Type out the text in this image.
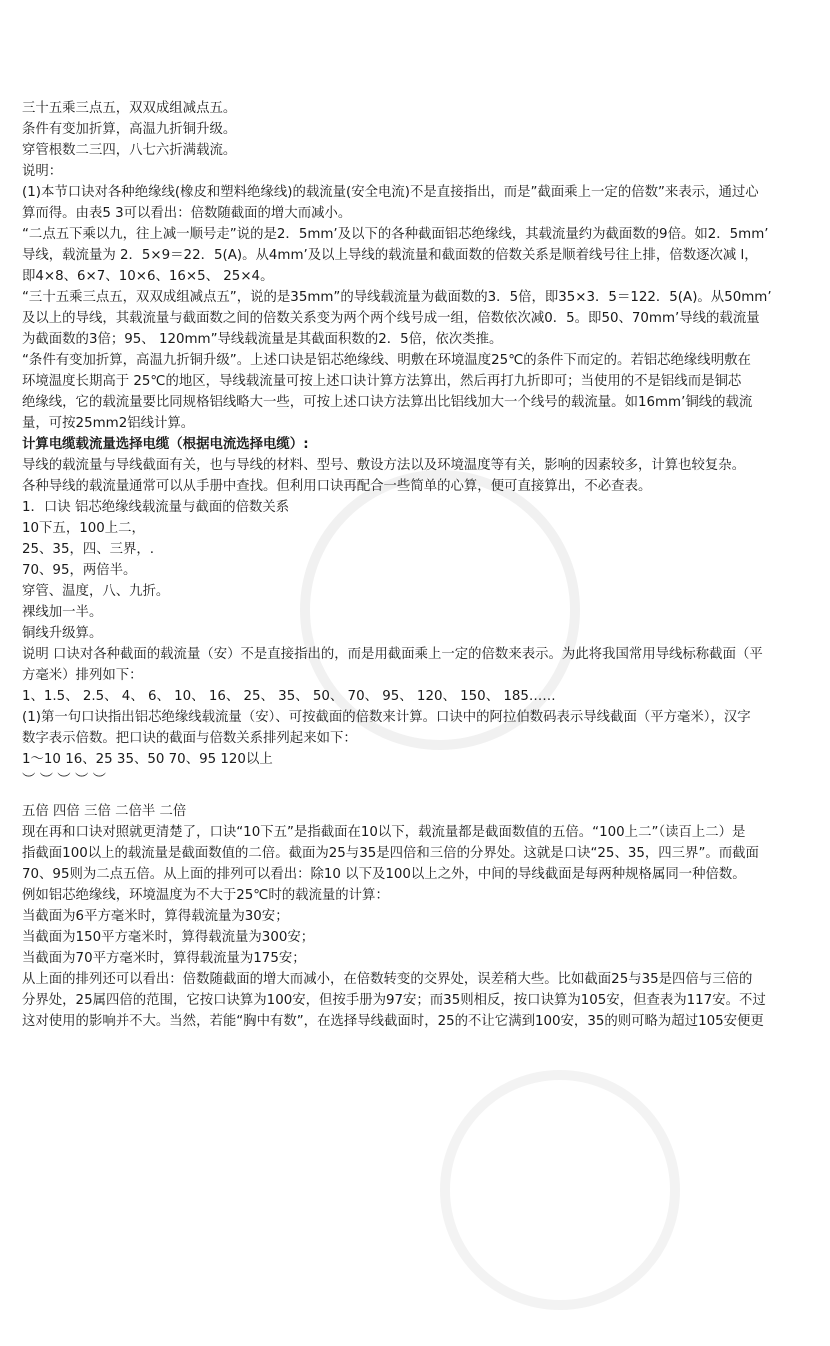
三十五乘三点五，双双成组减点五。
条件有变加折算，高温九折铜升级。
穿管根数二三四，八七六折满载流。
说明：
(1)本节口诀对各种绝缘线(橡皮和塑料绝缘线)的载流量(安全电流)不是直接指出，而是”截面乘上一定的倍数”来表示，通过心
算而得。由表5 3可以看出：倍数随截面的增大而减小。
“二点五下乘以九，往上减一顺号走”说的是2．5mm’及以下的各种截面铝芯绝缘线，其载流量约为截面数的9倍。如2．5mm’
导线，载流量为 2．5×9＝22．5(A)。从4mm’及以上导线的载流量和截面数的倍数关系是顺着线号往上排，倍数逐次减 l，
即4×8、6×7、10×6、16×5、 25×4。
“三十五乘三点五，双双成组减点五”，说的是35mm”的导线载流量为截面数的3．5倍，即35×3．5＝122．5(A)。从50mm’
及以上的导线，其载流量与截面数之间的倍数关系变为两个两个线号成一组，倍数依次减0．5。即50、70mm’导线的载流量
为截面数的3倍；95、 120mm”导线载流量是其截面积数的2．5倍，依次类推。
“条件有变加折算，高温九折铜升级”。上述口诀是铝芯绝缘线、明敷在环境温度25℃的条件下而定的。若铝芯绝缘线明敷在
环境温度长期高于 25℃的地区，导线载流量可按上述口诀计算方法算出，然后再打九折即可；当使用的不是铝线而是铜芯
绝缘线，它的载流量要比同规格铝线略大一些，可按上述口诀方法算出比铝线加大一个线号的载流量。如16mm’铜线的载流
量，可按25mm2铝线计算。
计算电缆载流量选择电缆（根据电流选择电缆）:
导线的载流量与导线截面有关，也与导线的材料、型号、敷设方法以及环境温度等有关，影响的因素较多，计算也较复杂。
各种导线的载流量通常可以从手册中查找。但利用口诀再配合一些简单的心算，便可直接算出，不必查表。
1．口诀 铝芯绝缘线载流量与截面的倍数关系
10下五，100上二，
25、35，四、三界，.
70、95，两倍半。
穿管、温度，八、九折。
裸线加一半。
铜线升级算。
说明 口诀对各种截面的载流量（安）不是直接指出的，而是用截面乘上一定的倍数来表示。为此将我国常用导线标称截面（平
方毫米）排列如下：
1、1.5、 2.5、 4、 6、 10、 16、 25、 35、 50、 70、 95、 120、 150、 185……
(1)第一句口诀指出铝芯绝缘线载流量（安）、可按截面的倍数来计算。口诀中的阿拉伯数码表示导线截面（平方毫米），汉字
数字表示倍数。把口诀的截面与倍数关系排列起来如下：
1～10 16、25 35、50 70、95 120以上
︶ ︶ ︶ ︶ ︶
五倍 四倍 三倍 二倍半 二倍
现在再和口诀对照就更清楚了，口诀“10下五”是指截面在10以下，载流量都是截面数值的五倍。“100上二”（读百上二）是
指截面100以上的载流量是截面数值的二倍。截面为25与35是四倍和三倍的分界处。这就是口诀“25、35，四三界”。而截面
70、95则为二点五倍。从上面的排列可以看出：除10 以下及100以上之外，中间的导线截面是每两种规格属同一种倍数。
例如铝芯绝缘线，环境温度为不大于25℃时的载流量的计算：
当截面为6平方毫米时，算得载流量为30安；
当截面为150平方毫米时，算得载流量为300安；
当截面为70平方毫米时，算得载流量为175安；
从上面的排列还可以看出：倍数随截面的增大而减小，在倍数转变的交界处，误差稍大些。比如截面25与35是四倍与三倍的
分界处，25属四倍的范围，它按口诀算为100安，但按手册为97安；而35则相反，按口诀算为105安，但查表为117安。不过
这对使用的影响并不大。当然，若能“胸中有数”，在选择导线截面时，25的不让它满到100安，35的则可略为超过105安便更
